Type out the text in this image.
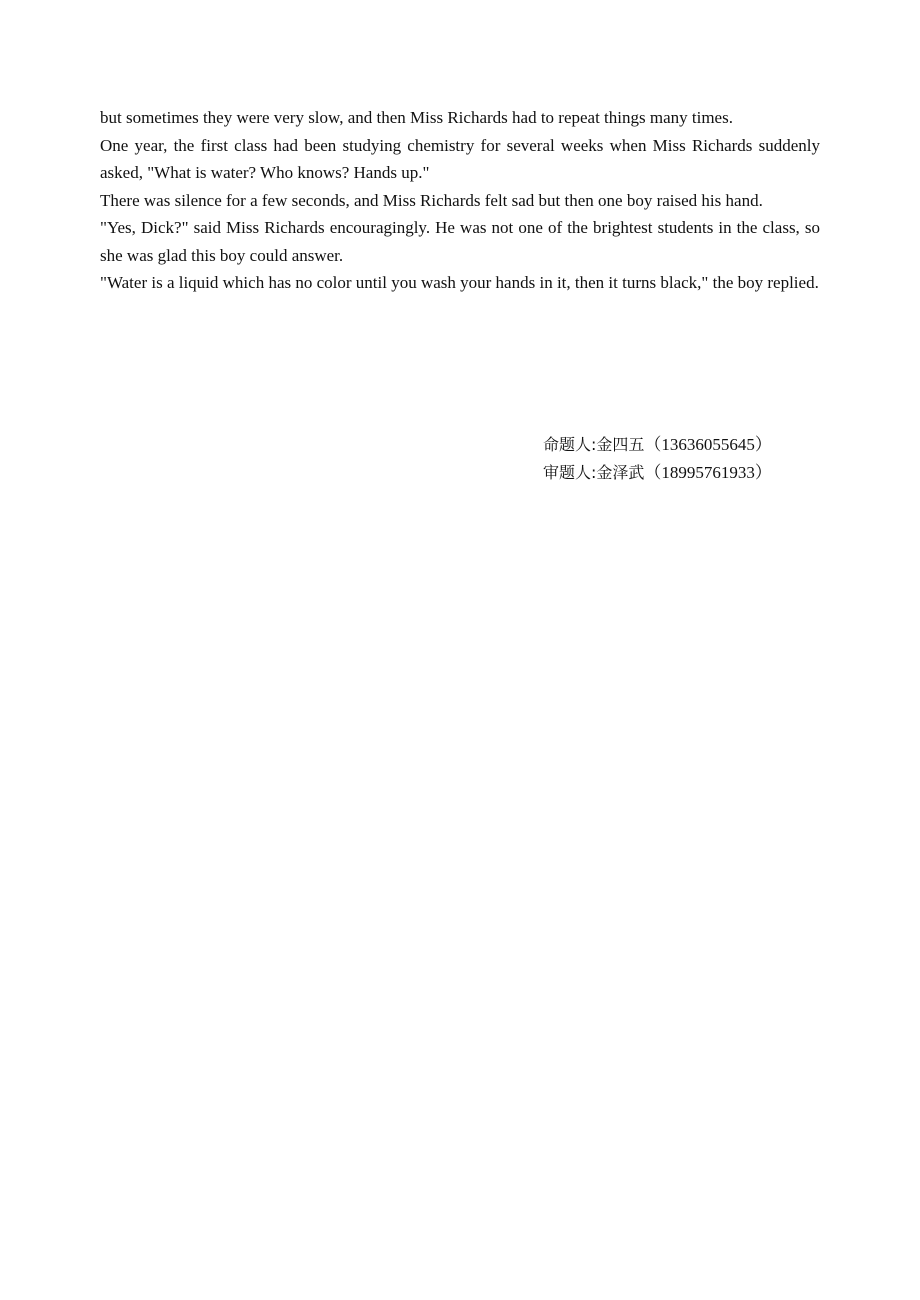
but sometimes they were very slow, and then Miss Richards had to repeat things many times.

One year, the first class had been studying chemistry for several weeks when Miss Richards suddenly asked, "What is water? Who knows? Hands up."

There was silence for a few seconds, and Miss Richards felt sad but then one boy raised his hand.

"Yes, Dick?" said Miss Richards encouragingly. He was not one of the brightest students in the class, so she was glad this boy could answer.

"Water is a liquid which has no color until you wash your hands in it, then it turns black," the boy replied.

命题人:金四五（13636055645）
审题人:金泽武（18995761933）
